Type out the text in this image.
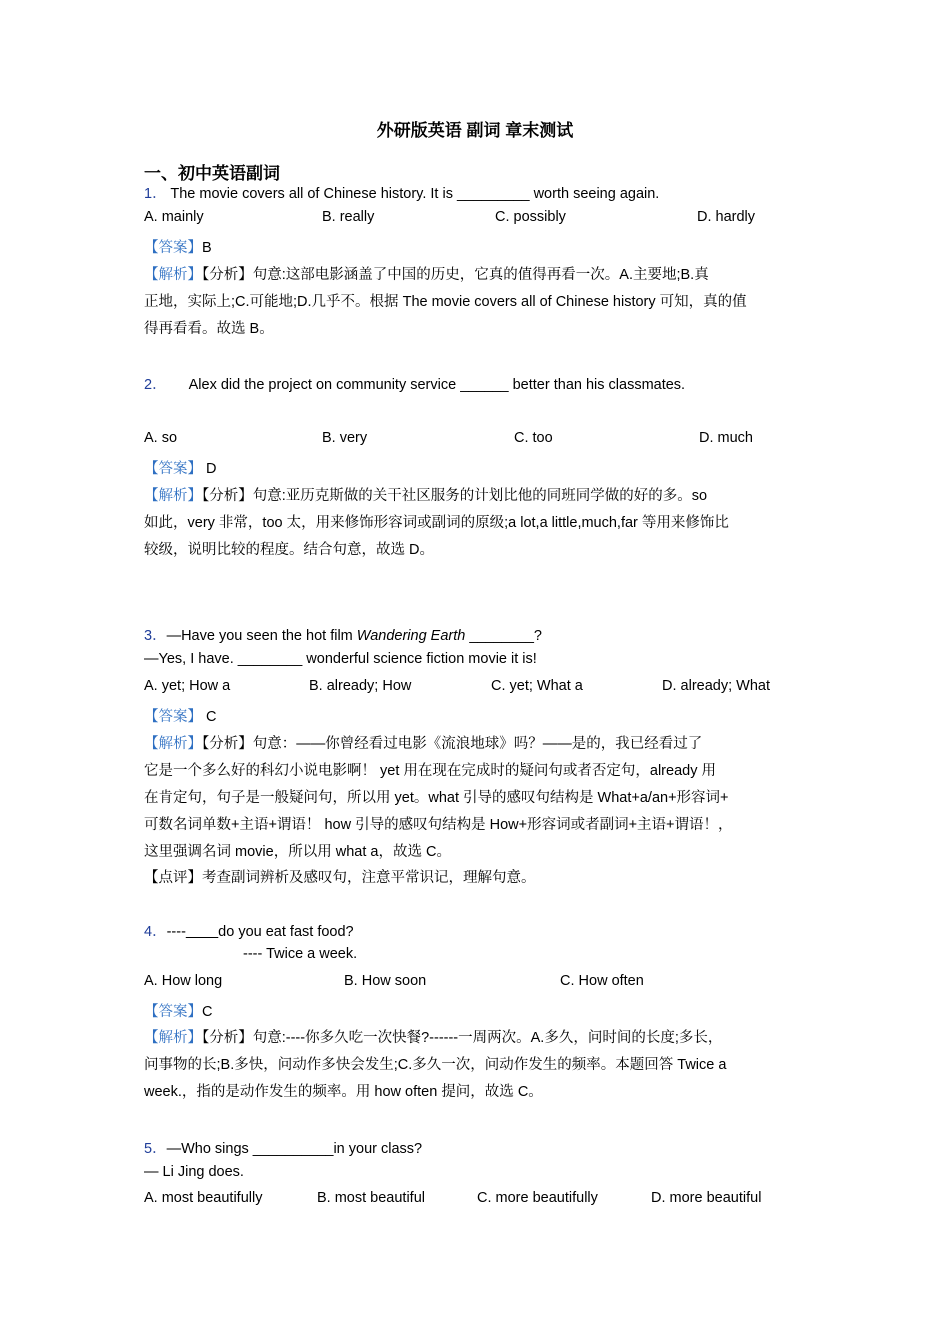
外研版英语 副词 章末测试
一、初中英语副词
1． The movie covers all of Chinese history. It is _________ worth seeing again.
A. mainly	B. really	C. possibly	D. hardly
【答案】B
【解析】【分析】句意:这部电影涵盖了中国的历史，它真的值得再看一次。A.主要地;B.真
正地，实际上;C.可能地;D.几乎不。根据 The movie covers all of Chinese history 可知，真的值
得再看看。故选 B。
2． Alex did the project on community service ______ better than his classmates.
A. so	B. very	C. too	D. much
【答案】 D
【解析】【分析】句意:亚历克斯做的关干社区服务的计划比他的同班同学做的好的多。so
如此，very 非常，too 太，用来修饰形容词或副词的原级;a lot,a little,much,far 等用来修饰比
较级，说明比较的程度。结合句意，故选 D。
3．—Have you seen the hot film Wandering Earth ________?
—Yes, I have. ________ wonderful science fiction movie it is!
A. yet; How a	B. already; How	C. yet; What a	D. already; What
【答案】 C
【解析】【分析】句意：——你曾经看过电影《流浪地球》吗？——是的，我已经看过了
它是一个多么好的科幻小说电影啊！ yet 用在现在完成时的疑问句或者否定句，already 用
在肯定句，句子是一般疑问句，所以用 yet。what 引导的感叹句结构是 What+a/an+形容词+
可数名词单数+主语+谓语！ how 引导的感叹句结构是 How+形容词或者副词+主语+谓语！，
这里强调名词 movie，所以用 what a，故选 C。
【点评】考查副词辨析及感叹句，注意平常识记，理解句意。
4．----____do you eat fast food?
---- Twice a week.
A. How long	B. How soon	C. How often
【答案】C
【解析】【分析】句意:----你多久吃一次快餐?------一周两次。A.多久，问时间的长度;多长，
问事物的长;B.多快，问动作多快会发生;C.多久一次，问动作发生的频率。本题回答 Twice a
week.，指的是动作发生的频率。用 how often 提问，故选 C。
5．—Who sings __________in your class?
— Li Jing does.
A. most beautifully	B. most beautiful	C. more beautifully	D. more beautiful
